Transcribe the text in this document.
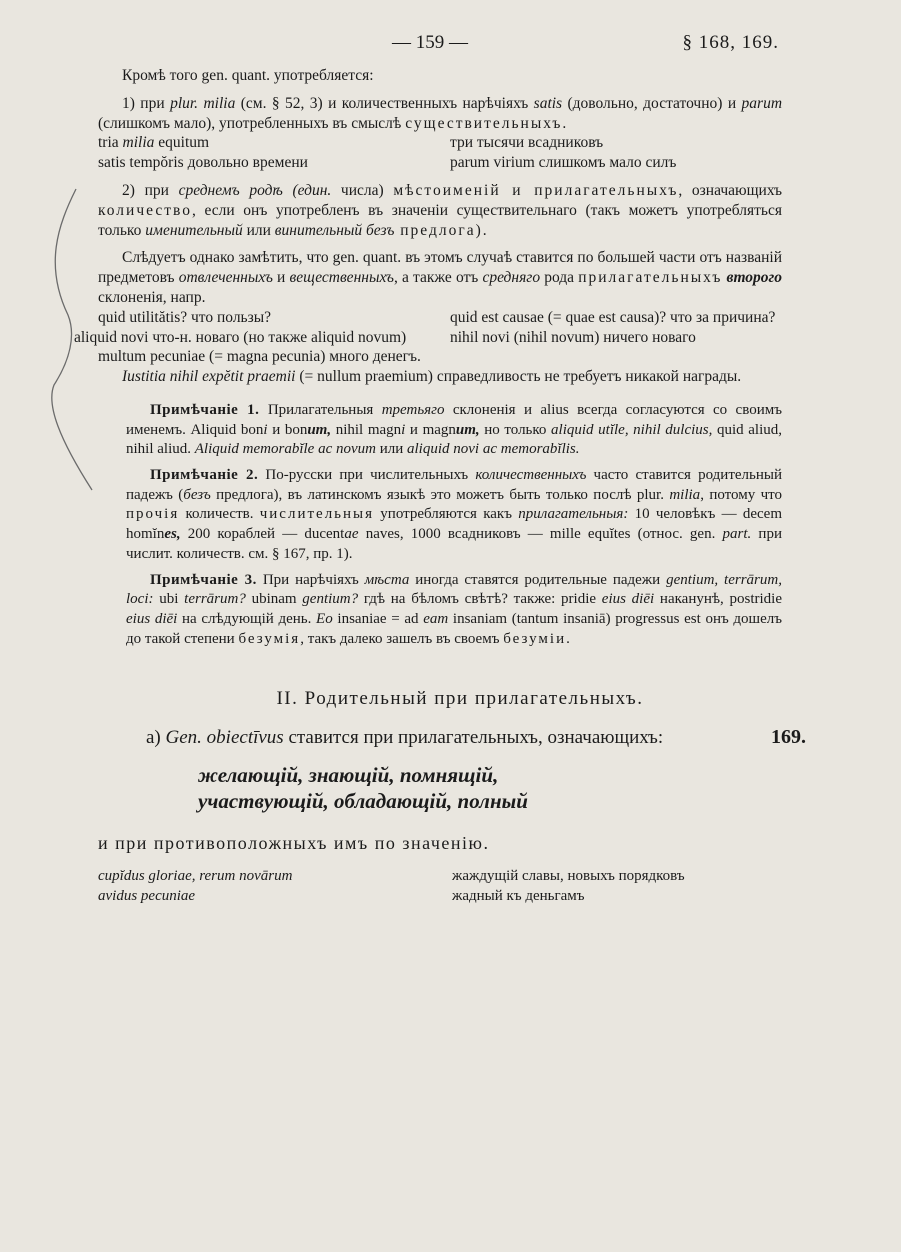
— 159 —	§ 168, 169.

Кромѣ того gen. quant. употребляется:

1) при plur. milia (см. § 52, 3) и количественныхъ нарѣчіяхъ satis (довольно, достаточно) и parum (слишкомъ мало), употребленныхъ въ смыслѣ существительныхъ.

tria milia equitum	три тысячи всадниковъ
satis tempŏris довольно времени	parum virium слишкомъ мало силъ

2) при среднемъ родѣ (един. числа) мѣстоименій и прилагательныхъ, означающихъ количество, если онъ употребленъ въ значеніи существительнаго (такъ можетъ употребляться только именительный или винительный безъ предлога).

Слѣдуетъ однако замѣтить, что gen. quant. въ этомъ случаѣ ставится по большей части отъ названій предметовъ отвлеченныхъ и вещественныхъ, а также отъ средняго рода прилагательныхъ второго склоненія, напр.

quid utilitătis? что пользы?	quid est causae (= quae est causa)? что за причина?
aliquid novi что-н. новаго (но также aliquid novum)	nihil novi (nihil novum) ничего новаго
multum pecuniae (= magna pecunia) много денегъ.

Iustitia nihil expĕtit praemii (= nullum praemium) справедливость не требуетъ никакой награды.

Примѣчаніе 1. Прилагательныя третьяго склоненія и alius всегда согласуются со своимъ именемъ. Aliquid boni и bonum, nihil magni и magnum, но только aliquid utĭle, nihil dulcius, quid aliud, nihil aliud. Aliquid memorabĭle ac novum или aliquid novi ac memorabĭlis.

Примѣчаніе 2. По-русски при числительныхъ количественныхъ часто ставится родительный падежъ (безъ предлога), въ латинскомъ языкѣ это можетъ быть только послѣ plur. milia, потому что прочія количеств. числительныя употребляются какъ прилагательныя: 10 человѣкъ — decem homĭnes, 200 кораблей — ducentae naves, 1000 всадниковъ — mille equĭtes (относ. gen. part. при числит. количеств. см. § 167, пр. 1).

Примѣчаніе 3. При нарѣчіяхъ мѣста иногда ставятся родительные падежи gentium, terrārum, loci: ubi terrārum? ubinam gentium? гдѣ на бѣломъ свѣтѣ? также: pridie eius diēi наканунѣ, postridie eius diēi на слѣдующій день. Eo insaniae = ad eam insaniam (tantum insaniā) progressus est онъ дошелъ до такой степени безумія, такъ далеко зашелъ въ своемъ безуміи.

II. Родительный при прилагательныхъ.
a) Gen. obiectīvus ставится при прилагательныхъ, означающихъ:	169.
желающій, знающій, помнящій,
участвующій, обладающій, полный
и при противоположныхъ имъ по значенію.
cupĭdus gloriae, rerum novārum	жаждущій славы, новыхъ порядковъ
avidus pecuniae	жадный къ деньгамъ
